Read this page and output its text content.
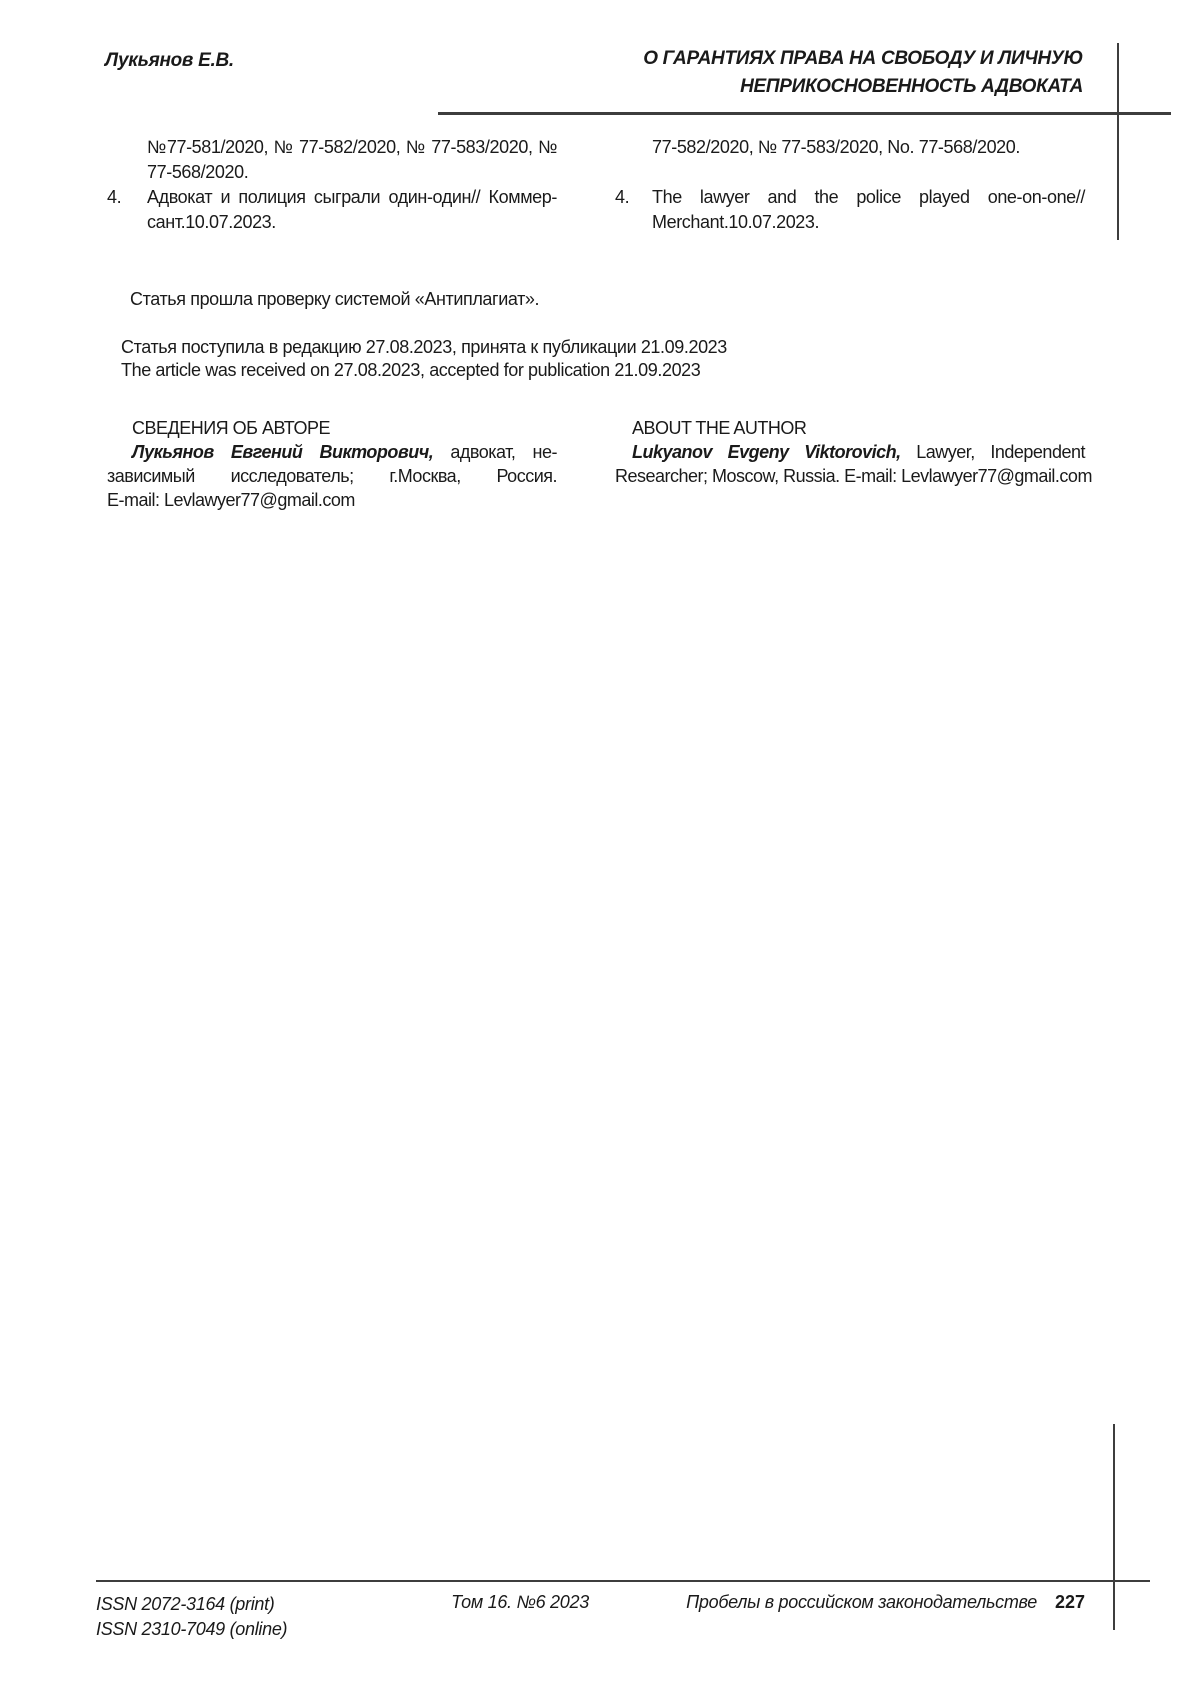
Лукьянов Е.В.	О ГАРАНТИЯХ ПРАВА НА СВОБОДУ И ЛИЧНУЮ
НЕПРИКОСНОВЕННОСТЬ АДВОКАТА
№77-581/2020, № 77-582/2020, № 77-583/2020, №
77-568/2020.
4.	Адвокат и полиция сыграли один-один// Коммер-
сант.10.07.2023.
77-582/2020, № 77-583/2020, No. 77-568/2020.
4.	The lawyer and the police played one-on-one//
Merchant.10.07.2023.
Статья прошла проверку системой «Антиплагиат».
Статья поступила в редакцию 27.08.2023, принята к публикации 21.09.2023
The article was received on 27.08.2023, accepted for publication 21.09.2023
СВЕДЕНИЯ ОБ АВТОРЕ
Лукьянов Евгений Викторович, адвокат, не-
зависимый исследователь; г.Москва, Россия.
E-mail: Levlawyer77@gmail.com
ABOUT THE AUTHOR
Lukyanov Evgeny Viktorovich, Lawyer, Independent
Researcher; Moscow, Russia. E-mail: Levlawyer77@gmail.com
ISSN 2072-3164 (print)
ISSN 2310-7049 (online)
Том 16. №6 2023	Пробелы в российском законодательстве 227
